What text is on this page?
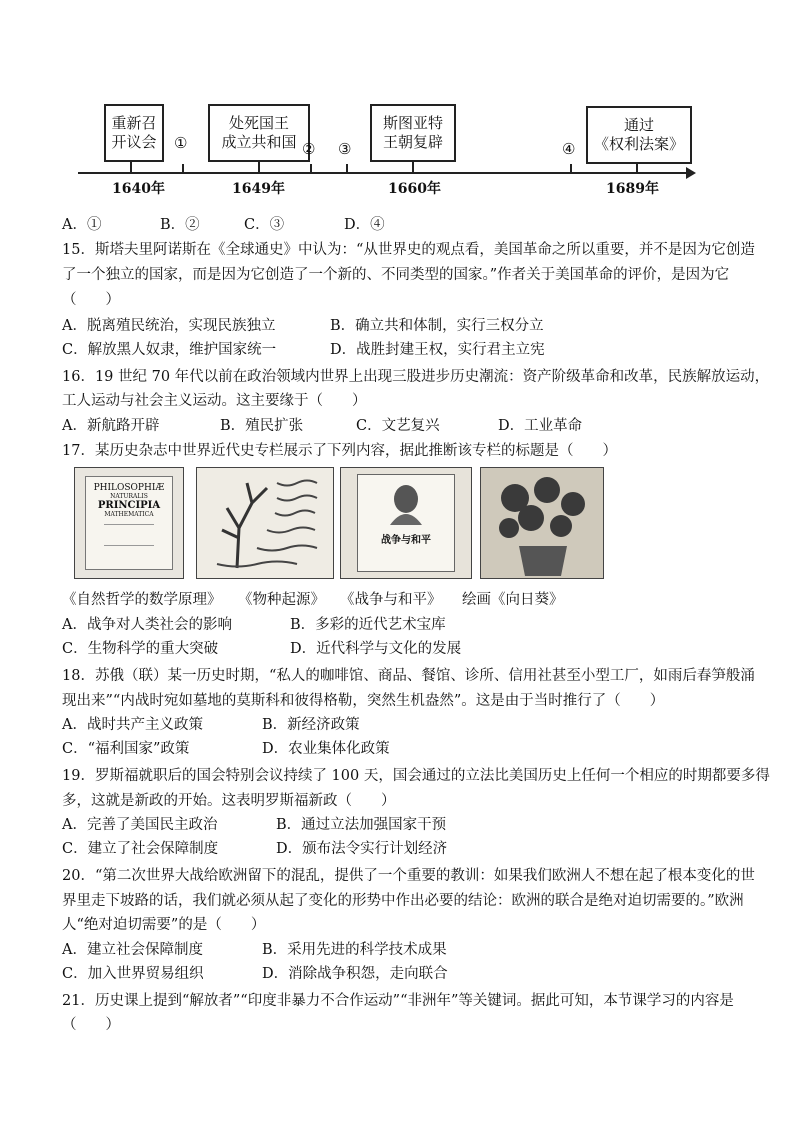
重新召
开议会
处死国王
成立共和国
斯图亚特
王朝复辟
通过
《权利法案》
①	② ③	④
1640年	1649年	1660年	1689年
A．①	B．②	C．③	D．④
15．斯塔夫里阿诺斯在《全球通史》中认为：“从世界史的观点看，美国革命之所以重要，并不是因为它创造
了一个独立的国家，而是因为它创造了一个新的、不同类型的国家。”作者关于美国革命的评价，是因为它
（　　）
A．脱离殖民统治，实现民族独立	B．确立共和体制，实行三权分立
C．解放黑人奴隶，维护国家统一	D．战胜封建王权，实行君主立宪
16．19 世纪 70 年代以前在政治领域内世界上出现三股进步历史潮流：资产阶级革命和改革，民族解放运动，
工人运动与社会主义运动。这主要缘于（　　）
A．新航路开辟	B．殖民扩张	C．文艺复兴	D．工业革命
17．某历史杂志中世界近代史专栏展示了下列内容，据此推断该专栏的标题是（　　）
PHILOSOPHIÆ
NATURALIS
PRINCIPIA
MATHEMATICA
战争与和平
《自然哲学的数学原理》 《物种起源》 《战争与和平》 绘画《向日葵》
A．战争对人类社会的影响	B．多彩的近代艺术宝库
C．生物科学的重大突破	D．近代科学与文化的发展
18．苏俄（联）某一历史时期，“私人的咖啡馆、商品、餐馆、诊所、信用社甚至小型工厂，如雨后春笋般涌
现出来”“内战时宛如墓地的莫斯科和彼得格勒，突然生机盎然”。这是由于当时推行了（　　）
A．战时共产主义政策	B．新经济政策
C．“福利国家”政策	D．农业集体化政策
19．罗斯福就职后的国会特别会议持续了 100 天，国会通过的立法比美国历史上任何一个相应的时期都要多得
多，这就是新政的开始。这表明罗斯福新政（　　）
A．完善了美国民主政治	B．通过立法加强国家干预
C．建立了社会保障制度	D．颁布法令实行计划经济
20．“第二次世界大战给欧洲留下的混乱，提供了一个重要的教训：如果我们欧洲人不想在起了根本变化的世
界里走下坡路的话，我们就必须从起了变化的形势中作出必要的结论：欧洲的联合是绝对迫切需要的。”欧洲
人“绝对迫切需要”的是（　　）
A．建立社会保障制度	B．采用先进的科学技术成果
C．加入世界贸易组织	D．消除战争积怨，走向联合
21．历史课上提到“解放者”“印度非暴力不合作运动”“非洲年”等关键词。据此可知，本节课学习的内容是
（　　）
